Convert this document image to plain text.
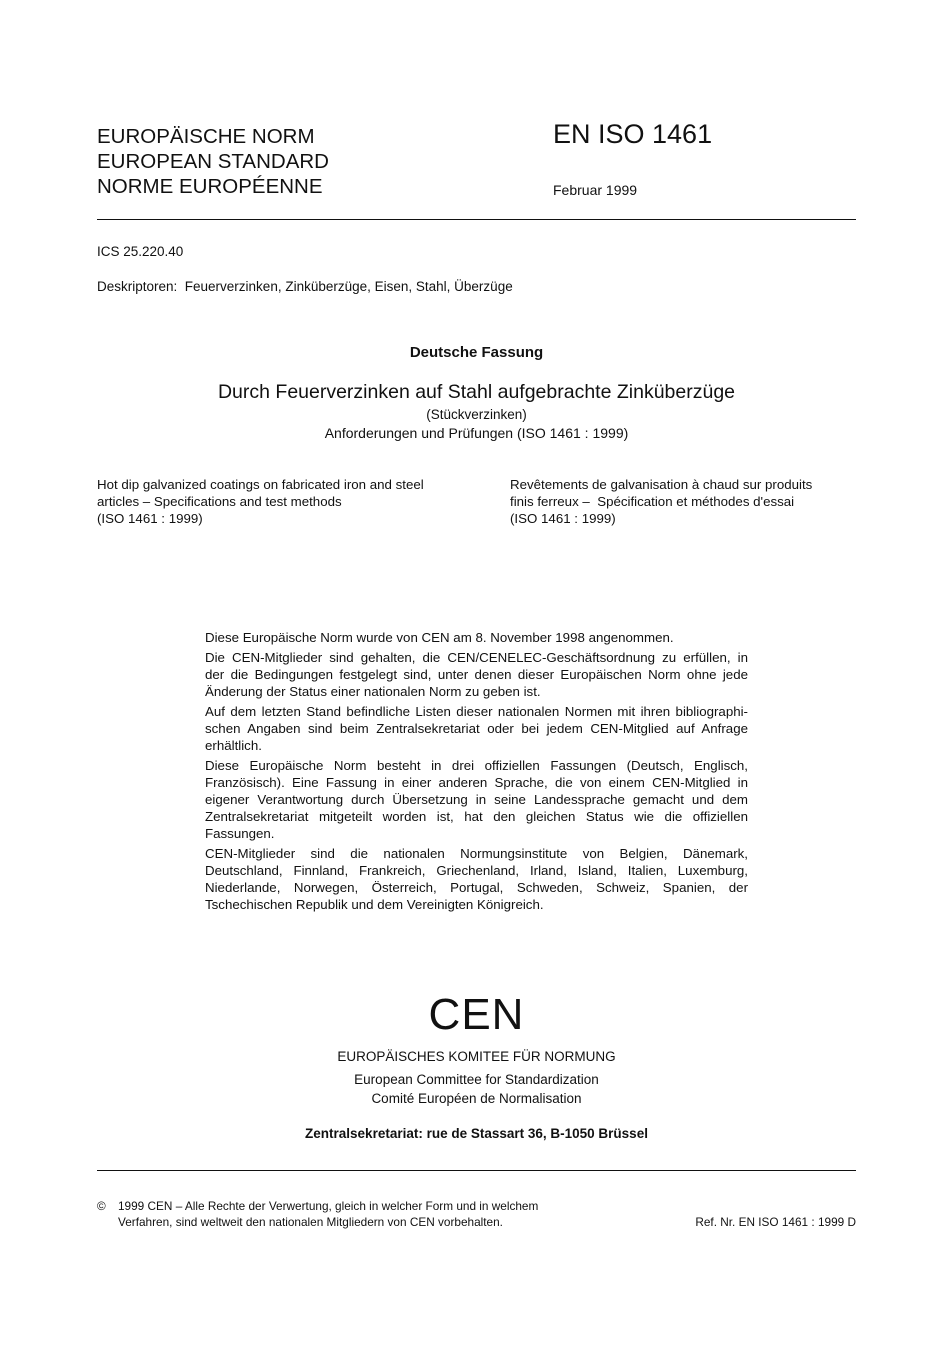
EUROPÄISCHE NORM
EUROPEAN STANDARD
NORME EUROPÉENNE
EN ISO 1461
Februar 1999
ICS 25.220.40
Deskriptoren:  Feuerverzinken, Zinküberzüge, Eisen, Stahl, Überzüge
Deutsche Fassung
Durch Feuerverzinken auf Stahl aufgebrachte Zinküberzüge
(Stückverzinken)
Anforderungen und Prüfungen (ISO 1461 : 1999)
Hot dip galvanized coatings on fabricated iron and steel
articles – Specifications and test methods
(ISO 1461 : 1999)
Revêtements de galvanisation à chaud sur produits
finis ferreux –  Spécification et méthodes d'essai
(ISO 1461 : 1999)

Diese Europäische Norm wurde von CEN am 8. November 1998 angenommen.

Die CEN-Mitglieder sind gehalten, die CEN/CENELEC-Geschäftsordnung zu erfüllen, in
der die Bedingungen festgelegt sind, unter denen dieser Europäischen Norm ohne jede
Änderung der Status einer nationalen Norm zu geben ist.

Auf dem letzten Stand befindliche Listen dieser nationalen Normen mit ihren bibliographi-
schen Angaben sind beim Zentralsekretariat oder bei jedem CEN-Mitglied auf Anfrage
erhältlich.

Diese Europäische Norm besteht in drei offiziellen Fassungen (Deutsch, Englisch,
Französisch). Eine Fassung in einer anderen Sprache, die von einem CEN-Mitglied in
eigener Verantwortung durch Übersetzung in seine Landessprache gemacht und dem
Zentralsekretariat mitgeteilt worden ist, hat den gleichen Status wie die offiziellen
Fassungen.

CEN-Mitglieder sind die nationalen Normungsinstitute von Belgien, Dänemark,
Deutschland, Finnland, Frankreich, Griechenland, Irland, Island, Italien, Luxemburg,
Niederlande, Norwegen, Österreich, Portugal, Schweden, Schweiz, Spanien, der
Tschechischen Republik und dem Vereinigten Königreich.

CEN
EUROPÄISCHES KOMITEE FÜR NORMUNG
European Committee for Standardization
Comité Européen de Normalisation
Zentralsekretariat: rue de Stassart 36, B-1050 Brüssel
© 1999 CEN – Alle Rechte der Verwertung, gleich in welcher Form und in welchem
Verfahren, sind weltweit den nationalen Mitgliedern von CEN vorbehalten.	Ref. Nr. EN ISO 1461 : 1999 D
